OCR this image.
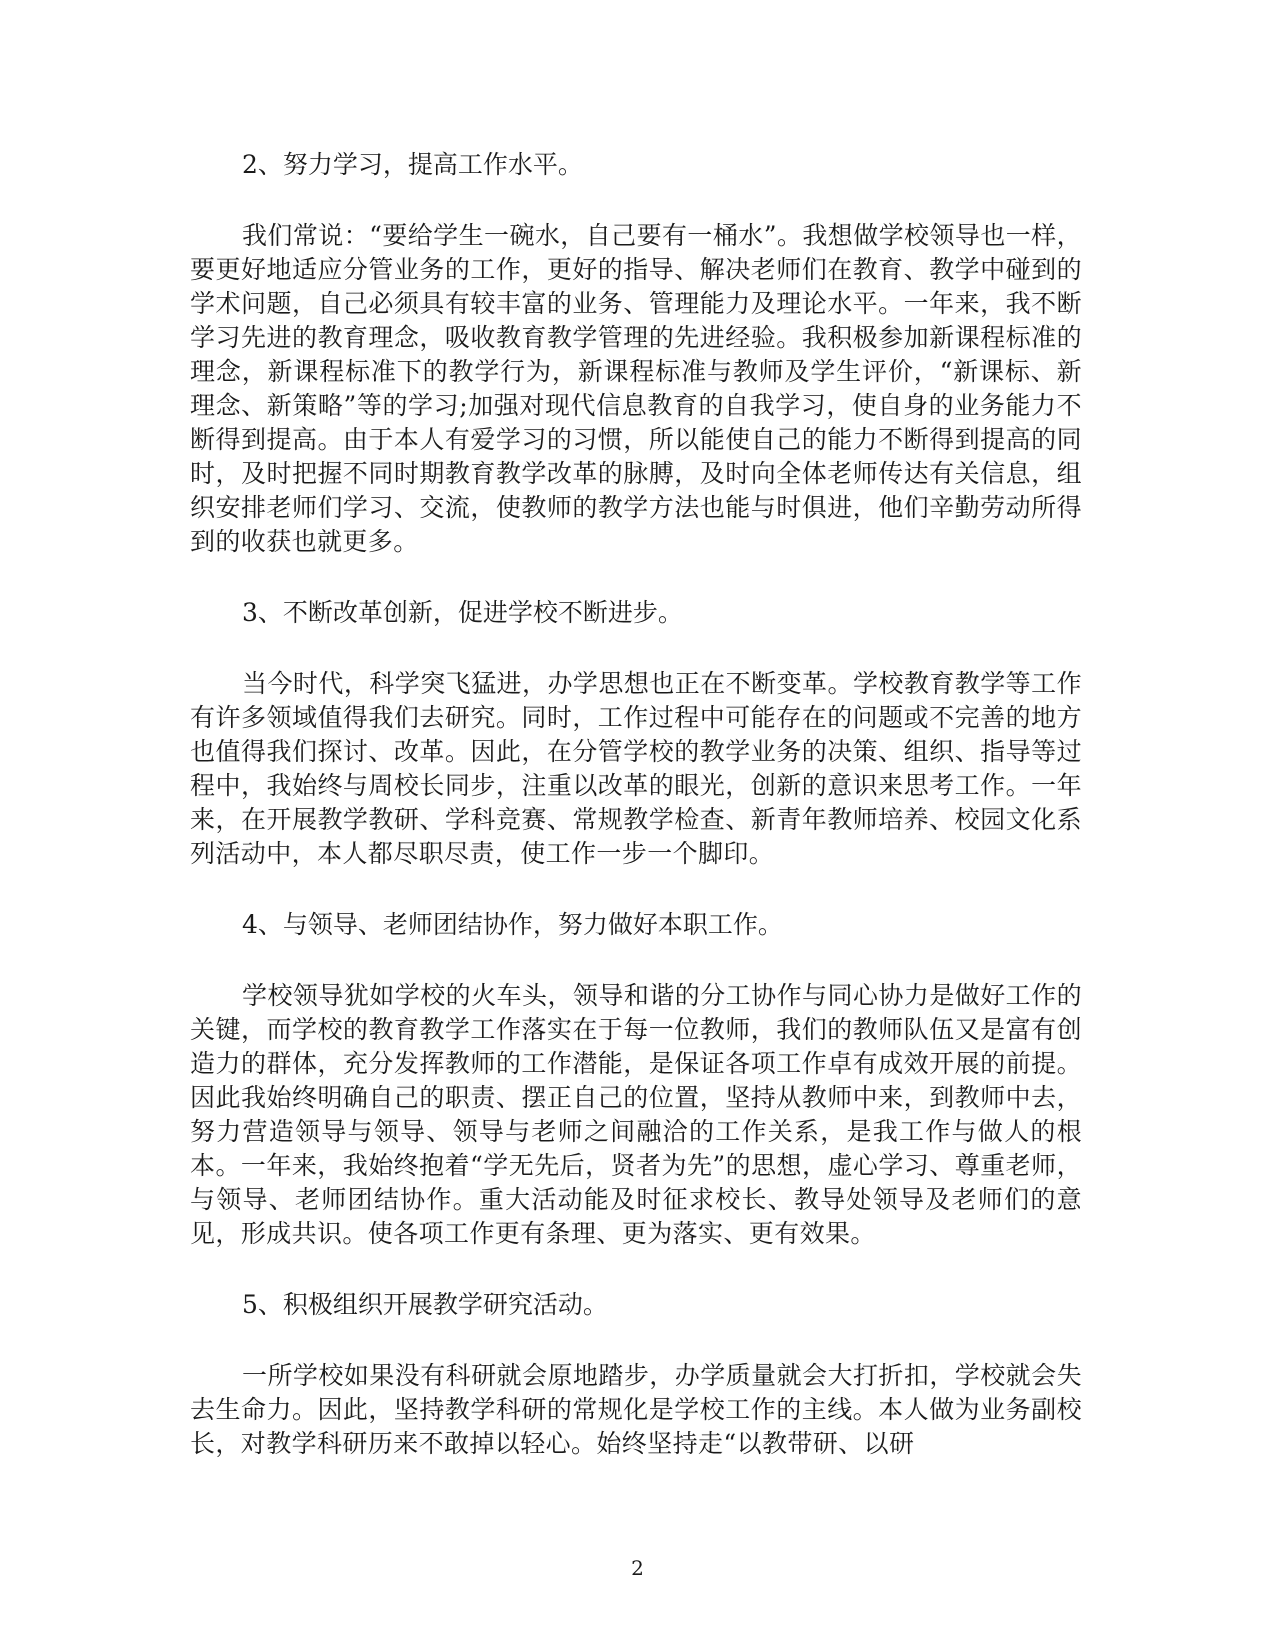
2、努力学习，提高工作水平。

我们常说：“要给学生一碗水，自己要有一桶水”。我想做学校领导也一样，要更好地适应分管业务的工作，更好的指导、解决老师们在教育、教学中碰到的学术问题，自己必须具有较丰富的业务、管理能力及理论水平。一年来，我不断学习先进的教育理念，吸收教育教学管理的先进经验。我积极参加新课程标准的理念，新课程标准下的教学行为，新课程标准与教师及学生评价，“新课标、新理念、新策略”等的学习;加强对现代信息教育的自我学习，使自身的业务能力不断得到提高。由于本人有爱学习的习惯，所以能使自己的能力不断得到提高的同时，及时把握不同时期教育教学改革的脉膊，及时向全体老师传达有关信息，组织安排老师们学习、交流，使教师的教学方法也能与时俱进，他们辛勤劳动所得到的收获也就更多。

3、不断改革创新，促进学校不断进步。

当今时代，科学突飞猛进，办学思想也正在不断变革。学校教育教学等工作有许多领域值得我们去研究。同时，工作过程中可能存在的问题或不完善的地方也值得我们探讨、改革。因此，在分管学校的教学业务的决策、组织、指导等过程中，我始终与周校长同步，注重以改革的眼光，创新的意识来思考工作。一年来，在开展教学教研、学科竞赛、常规教学检查、新青年教师培养、校园文化系列活动中，本人都尽职尽责，使工作一步一个脚印。

4、与领导、老师团结协作，努力做好本职工作。

学校领导犹如学校的火车头，领导和谐的分工协作与同心协力是做好工作的关键，而学校的教育教学工作落实在于每一位教师，我们的教师队伍又是富有创造力的群体，充分发挥教师的工作潜能，是保证各项工作卓有成效开展的前提。因此我始终明确自己的职责、摆正自己的位置，坚持从教师中来，到教师中去，努力营造领导与领导、领导与老师之间融洽的工作关系，是我工作与做人的根本。一年来，我始终抱着“学无先后，贤者为先”的思想，虚心学习、尊重老师，与领导、老师团结协作。重大活动能及时征求校长、教导处领导及老师们的意见，形成共识。使各项工作更有条理、更为落实、更有效果。

5、积极组织开展教学研究活动。

一所学校如果没有科研就会原地踏步，办学质量就会大打折扣，学校就会失去生命力。因此，坚持教学科研的常规化是学校工作的主线。本人做为业务副校长，对教学科研历来不敢掉以轻心。始终坚持走“以教带研、以研

2
